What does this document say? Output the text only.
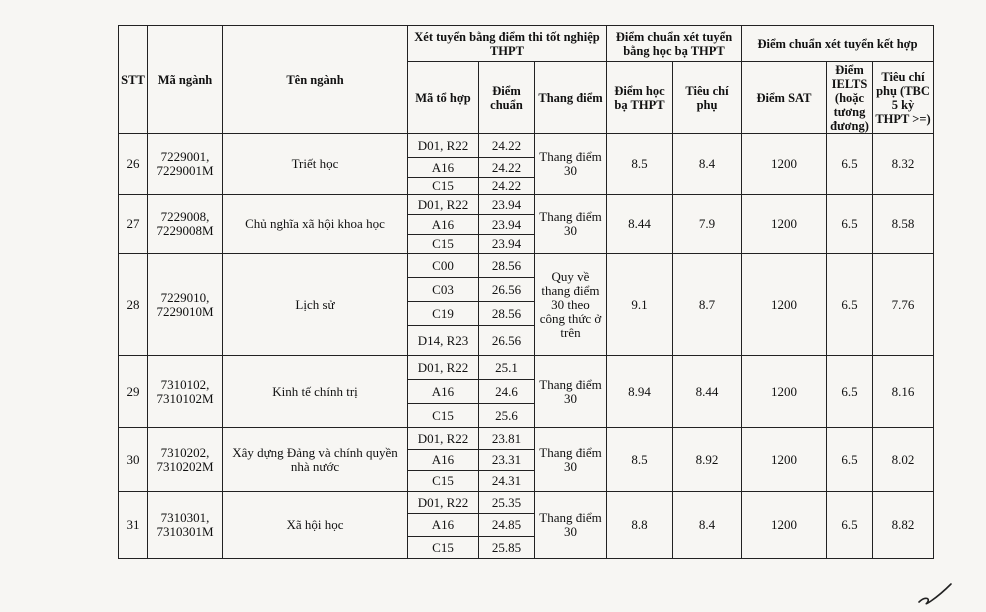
STT	Mã ngành	Tên ngành	Xét tuyển bằng điểm thi tốt nghiệp THPT			Điểm chuẩn xét tuyển bằng học bạ THPT		Điểm chuẩn xét tuyển kết hợp		
			Mã tổ hợp	Điểm chuẩn	Thang điểm	Điểm học bạ THPT	Tiêu chí phụ	Điểm SAT	Điểm IELTS (hoặc tương đương)	Tiêu chí phụ (TBC 5 kỳ THPT >=)
26	7229001, 7229001M	Triết học	D01, R22	24.22	Thang điểm 30	8.5	8.4	1200	6.5	8.32
			A16	24.22						
			C15	24.22						
27	7229008, 7229008M	Chủ nghĩa xã hội khoa học	D01, R22	23.94	Thang điểm 30	8.44	7.9	1200	6.5	8.58
			A16	23.94						
			C15	23.94						
28	7229010, 7229010M	Lịch sử	C00	28.56	Quy về thang điểm 30 theo công thức ở trên	9.1	8.7	1200	6.5	7.76
			C03	26.56						
			C19	28.56						
			D14, R23	26.56						
29	7310102, 7310102M	Kinh tế chính trị	D01, R22	25.1	Thang điểm 30	8.94	8.44	1200	6.5	8.16
			A16	24.6						
			C15	25.6						
30	7310202, 7310202M	Xây dựng Đảng và chính quyền nhà nước	D01, R22	23.81	Thang điểm 30	8.5	8.92	1200	6.5	8.02
			A16	23.31						
			C15	24.31						
31	7310301, 7310301M	Xã hội học	D01, R22	25.35	Thang điểm 30	8.8	8.4	1200	6.5	8.82
			A16	24.85						
			C15	25.85						
